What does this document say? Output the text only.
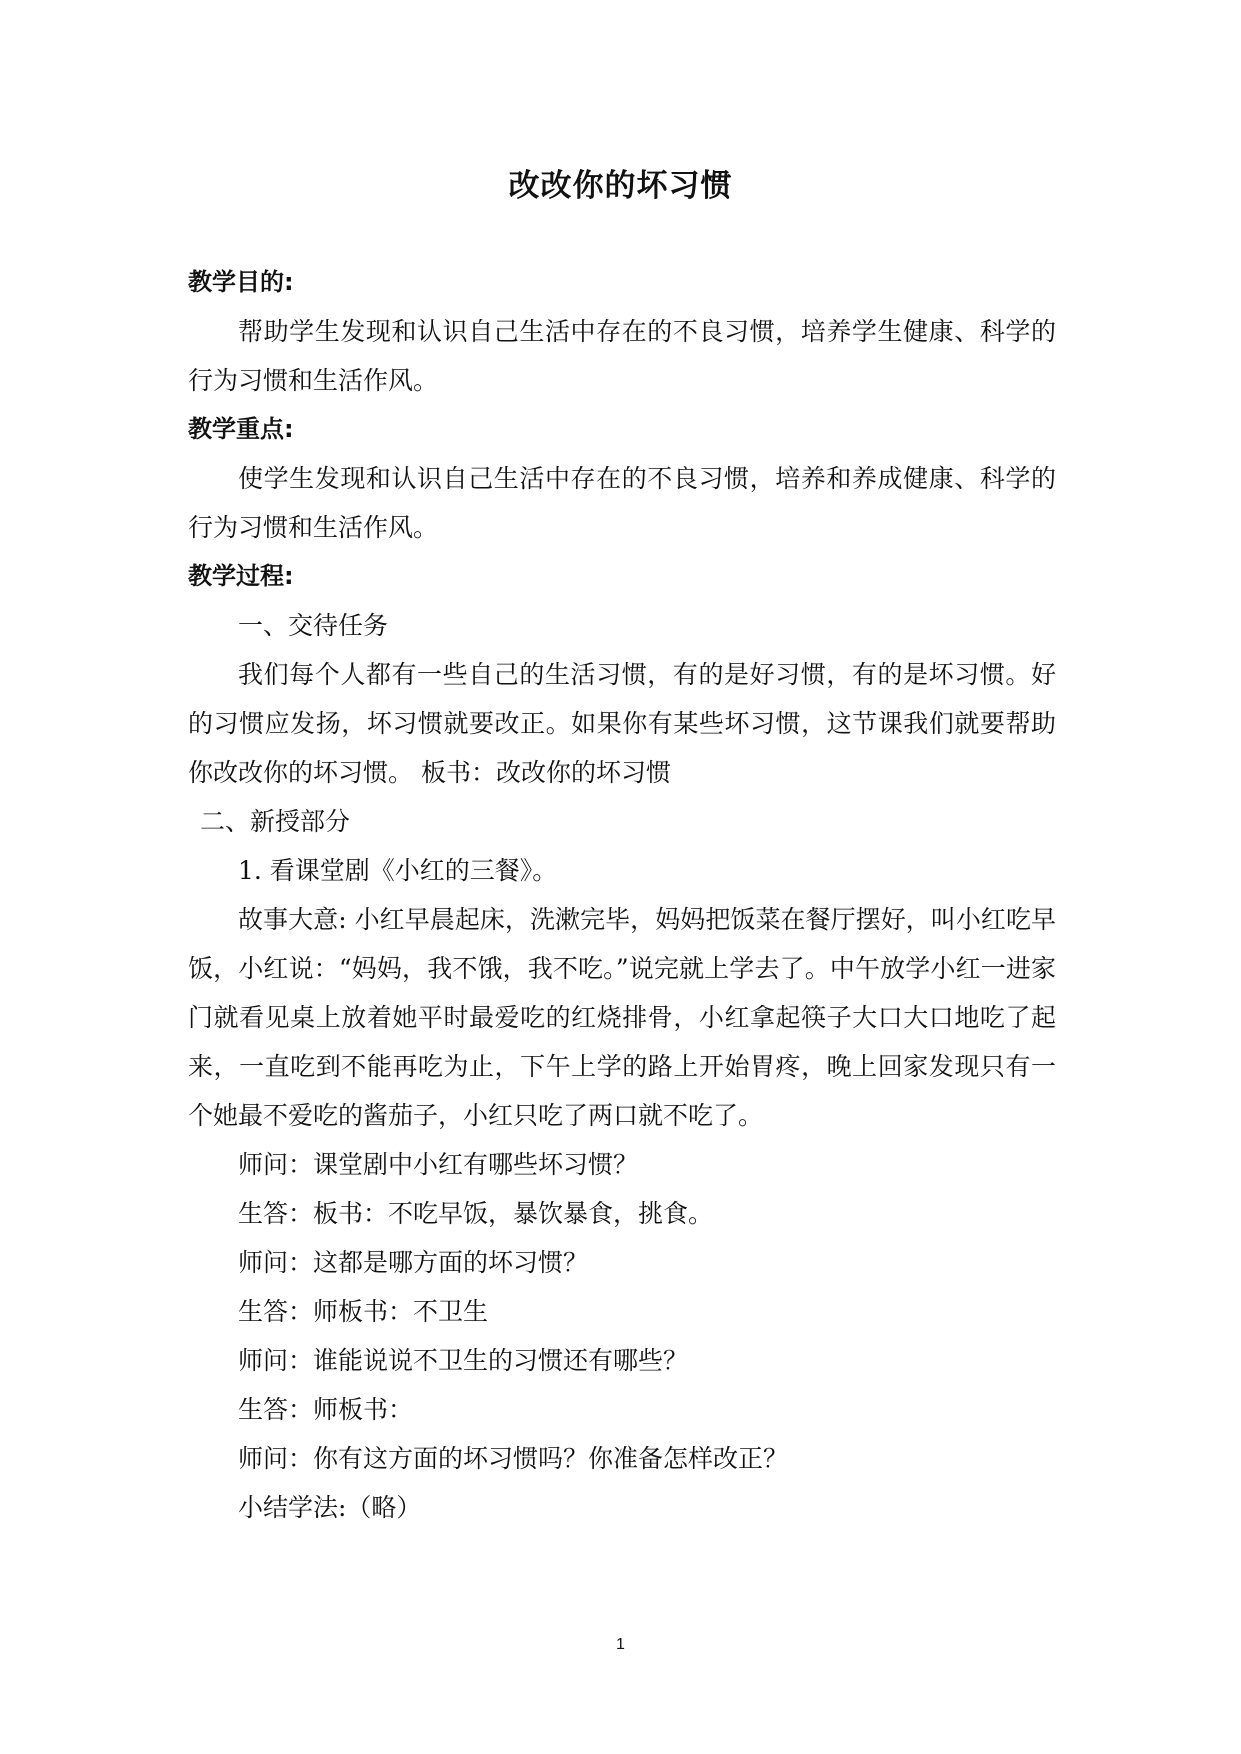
改改你的坏习惯

教学目的:

帮助学生发现和认识自己生活中存在的不良习惯，培养学生健康、科学的行为习惯和生活作风。

教学重点:

使学生发现和认识自己生活中存在的不良习惯，培养和养成健康、科学的行为习惯和生活作风。

教学过程:

一、交待任务

我们每个人都有一些自己的生活习惯，有的是好习惯，有的是坏习惯。好的习惯应发扬，坏习惯就要改正。如果你有某些坏习惯，这节课我们就要帮助你改改你的坏习惯。 板书：改改你的坏习惯

二、新授部分

1. 看课堂剧《小红的三餐》。

故事大意: 小红早晨起床，洗漱完毕，妈妈把饭菜在餐厅摆好，叫小红吃早饭，小红说：“妈妈，我不饿，我不吃。”说完就上学去了。中午放学小红一进家门就看见桌上放着她平时最爱吃的红烧排骨，小红拿起筷子大口大口地吃了起来，一直吃到不能再吃为止，下午上学的路上开始胃疼，晚上回家发现只有一个她最不爱吃的酱茄子，小红只吃了两口就不吃了。

师问：课堂剧中小红有哪些坏习惯？

生答：板书：不吃早饭，暴饮暴食，挑食。

师问：这都是哪方面的坏习惯？

生答：师板书：不卫生

师问：谁能说说不卫生的习惯还有哪些？

生答：师板书：

师问：你有这方面的坏习惯吗？你准备怎样改正？

小结学法:（略）

1
